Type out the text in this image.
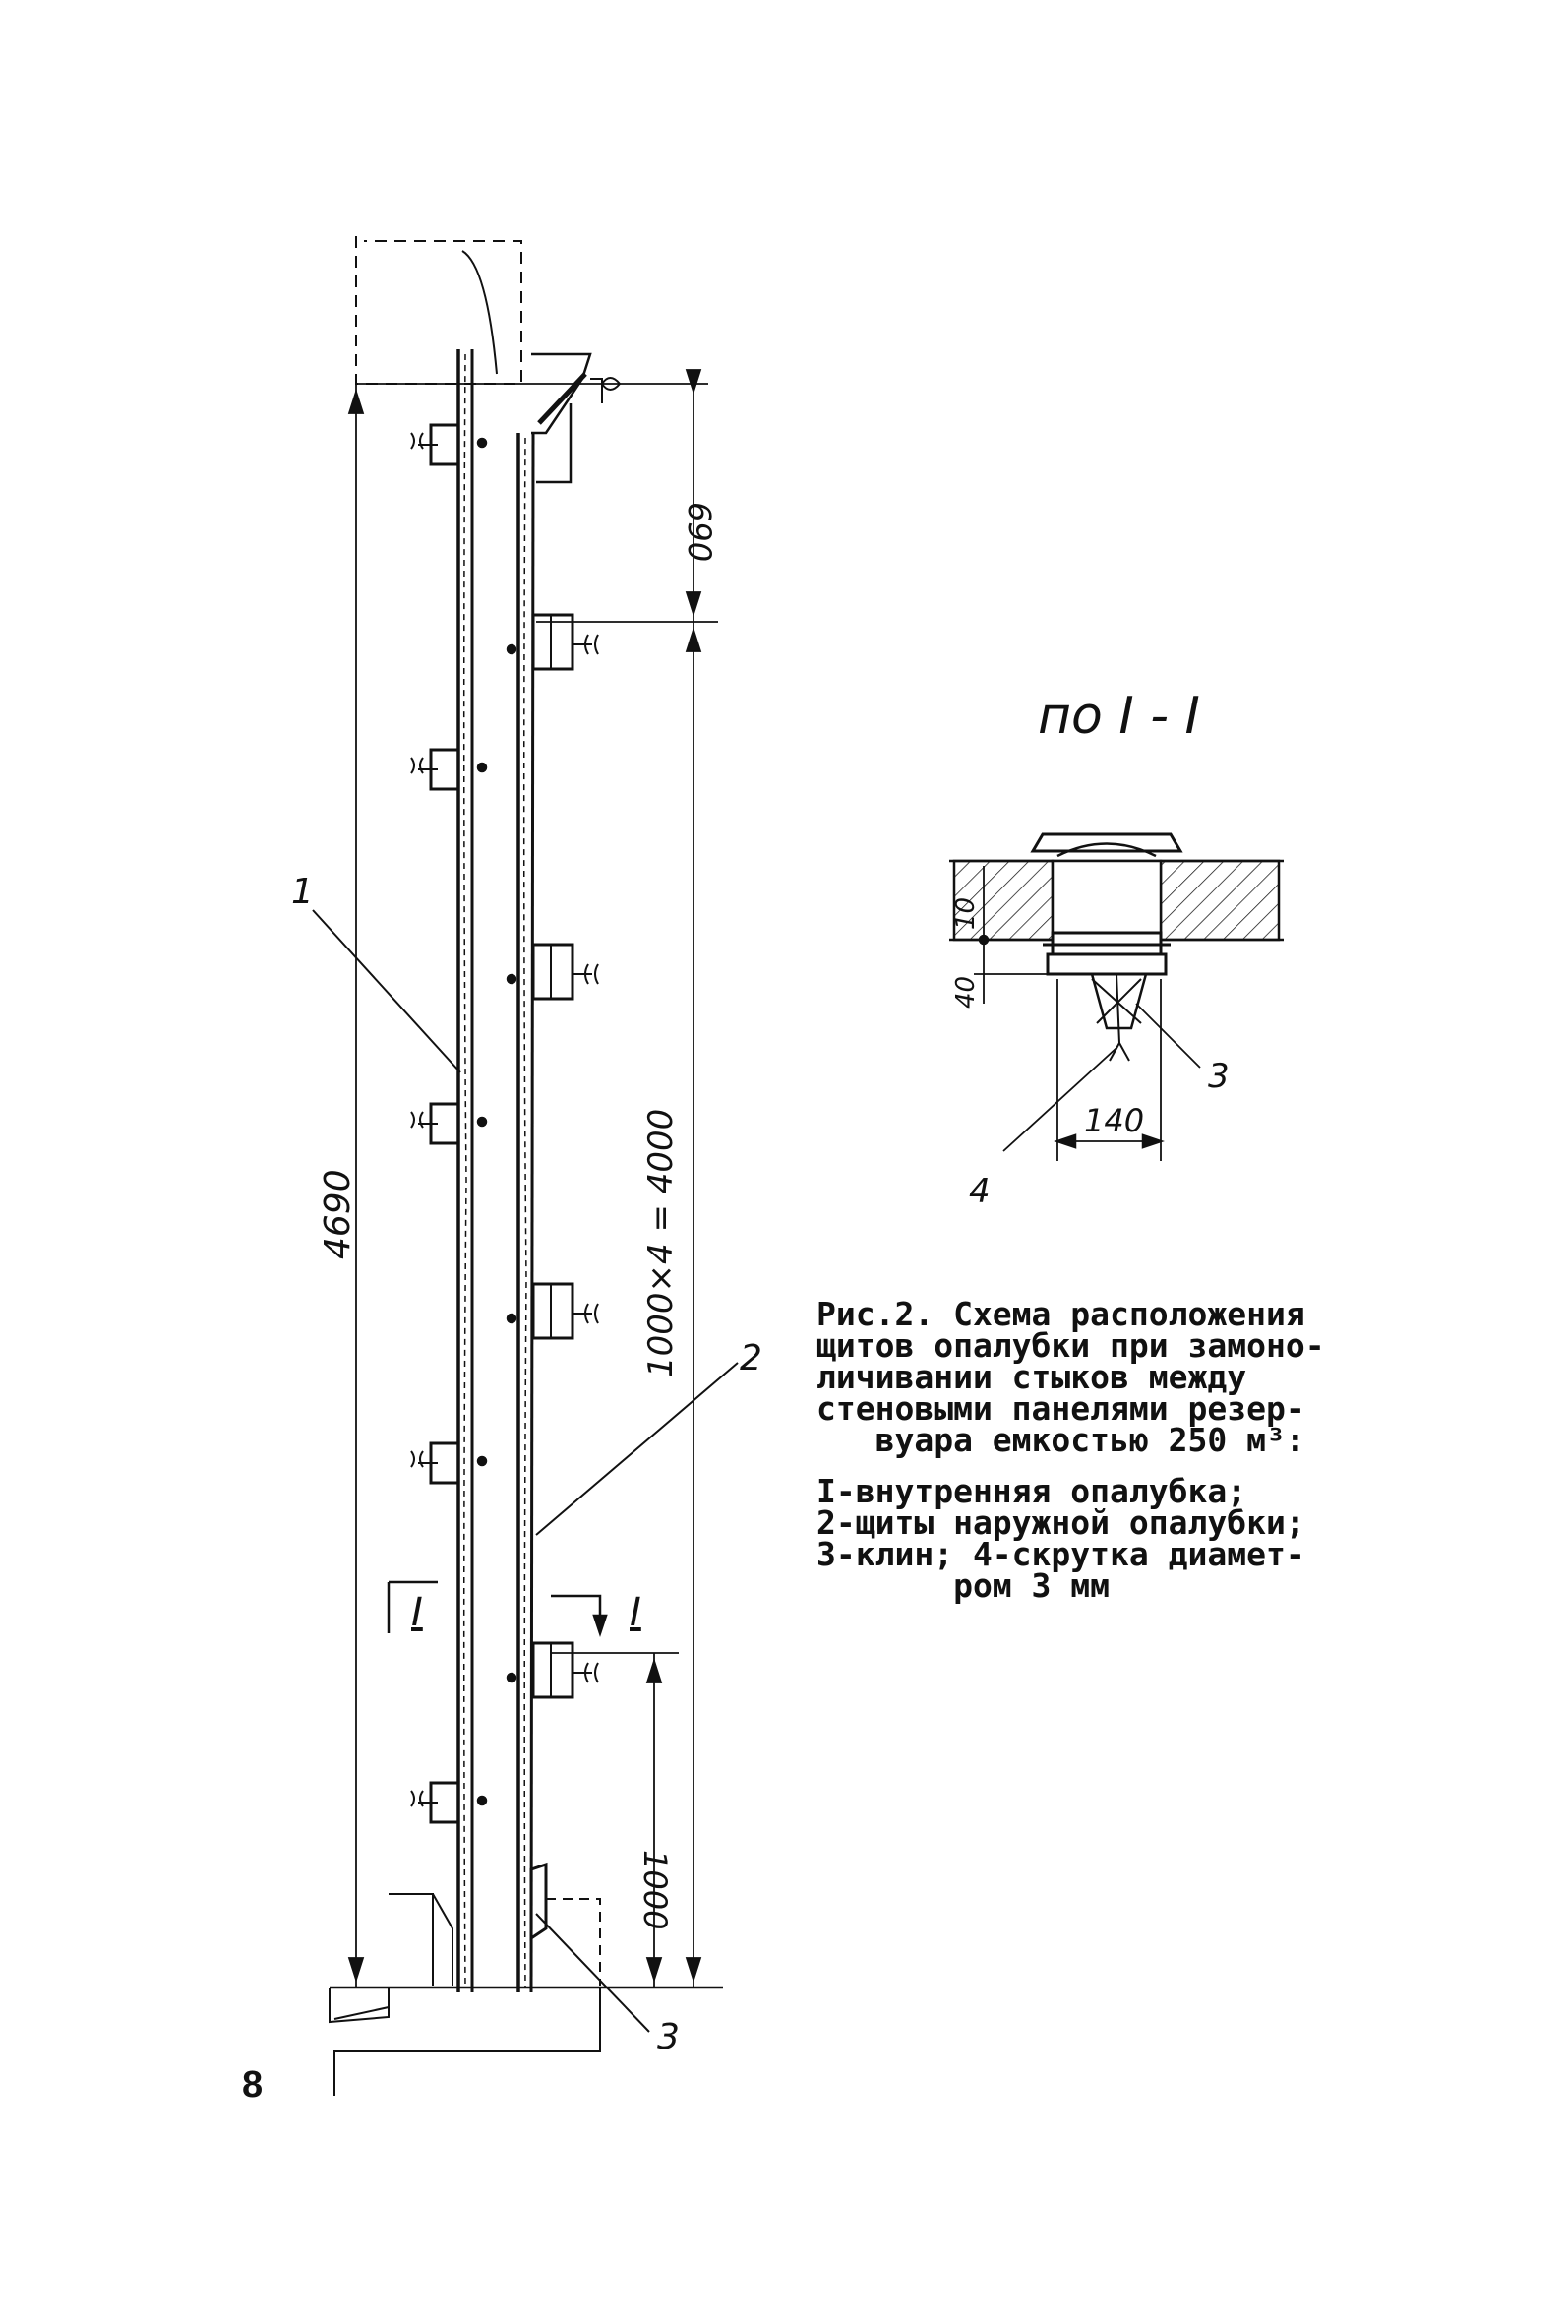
4690
690
1000×4 = 4000
1000
1
2
3
I	I
по I - I
140
10
40
3
4
Рис.2. Схема расположения
щитов опалубки при замоно-
личивании стыков между
стеновыми панелями резер-
вуара емкостью 250 м³:
I-внутренняя опалубка;
2-щиты наружной опалубки;
3-клин; 4-скрутка диамет-
ром 3 мм
8
